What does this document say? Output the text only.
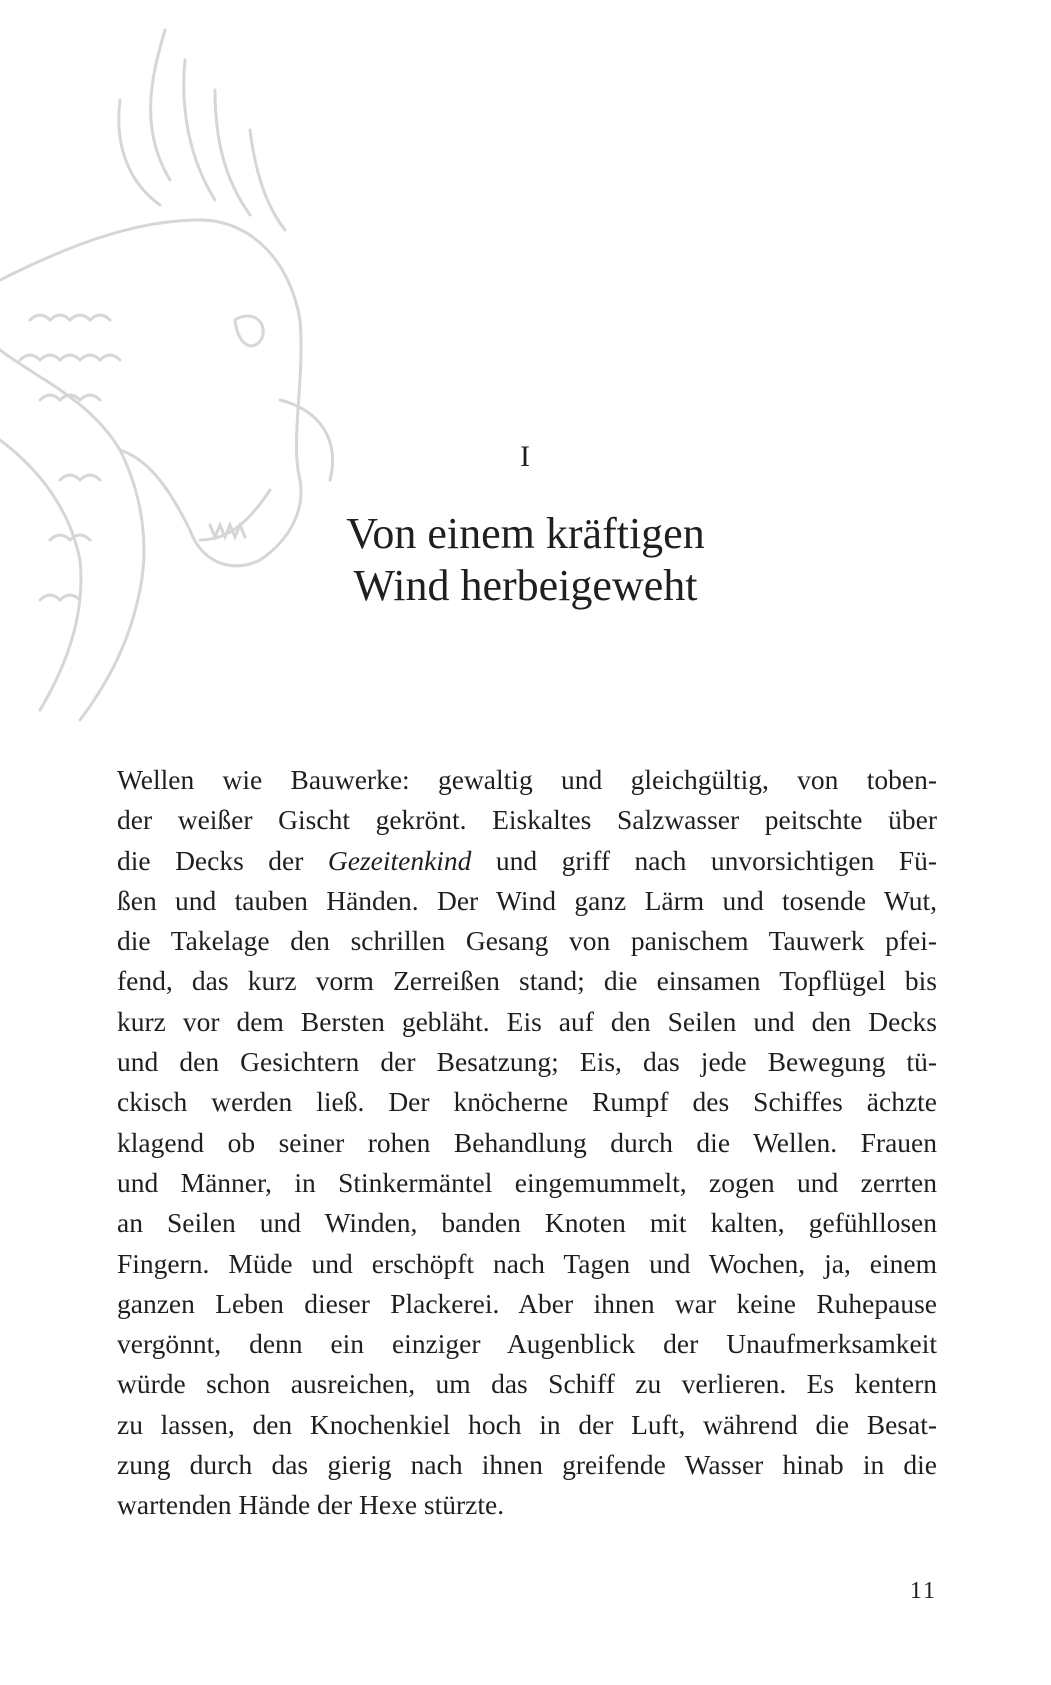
I
Von einem kräftigen
Wind herbeigeweht
Wellen wie Bauwerke: gewaltig und gleichgültig, von toben-
der weißer Gischt gekrönt. Eiskaltes Salzwasser peitschte über
die Decks der Gezeitenkind und griff nach unvorsichtigen Fü-
ßen und tauben Händen. Der Wind ganz Lärm und tosende Wut,
die Takelage den schrillen Gesang von panischem Tauwerk pfei-
fend, das kurz vorm Zerreißen stand; die einsamen Topflügel bis
kurz vor dem Bersten gebläht. Eis auf den Seilen und den Decks
und den Gesichtern der Besatzung; Eis, das jede Bewegung tü-
ckisch werden ließ. Der knöcherne Rumpf des Schiffes ächzte
klagend ob seiner rohen Behandlung durch die Wellen. Frauen
und Männer, in Stinkermäntel eingemummelt, zogen und zerrten
an Seilen und Winden, banden Knoten mit kalten, gefühllosen
Fingern. Müde und erschöpft nach Tagen und Wochen, ja, einem
ganzen Leben dieser Plackerei. Aber ihnen war keine Ruhepause
vergönnt, denn ein einziger Augenblick der Unaufmerksamkeit
würde schon ausreichen, um das Schiff zu verlieren. Es kentern
zu lassen, den Knochenkiel hoch in der Luft, während die Besat-
zung durch das gierig nach ihnen greifende Wasser hinab in die
wartenden Hände der Hexe stürzte.
11
